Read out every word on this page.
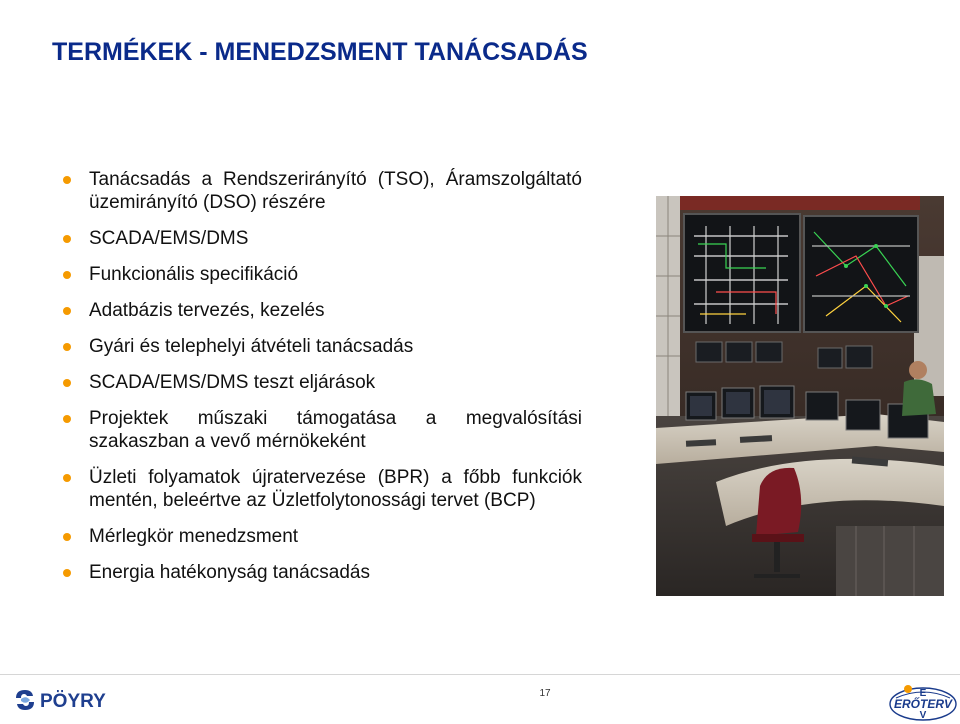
TERMÉKEK - MENEDZSMENT TANÁCSADÁS
Tanácsadás a Rendszerirányító (TSO), Áramszolgáltató üzemirányító (DSO) részére
SCADA/EMS/DMS
Funkcionális specifikáció
Adatbázis tervezés, kezelés
Gyári és telephelyi átvételi tanácsadás
SCADA/EMS/DMS teszt eljárások
Projektek műszaki támogatása a megvalósítási szakaszban a vevő mérnökeként
Üzleti folyamatok újratervezése (BPR) a főbb funkciók mentén, beleértve az Üzletfolytonossági tervet (BCP)
Mérlegkör menedzsment
Energia hatékonyság tanácsadás
PÖYRY	17	E
ERŐTERV
V
